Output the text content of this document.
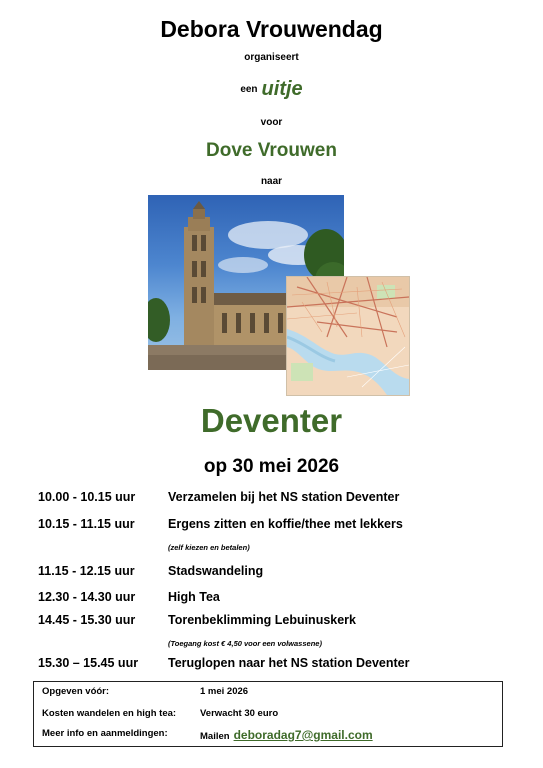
Debora Vrouwendag
organiseert
een uitje
voor
Dove Vrouwen
naar
Deventer
op 30 mei 2026
10.00 - 10.15 uur	Verzamelen bij het NS station Deventer
10.15 - 11.15 uur	Ergens zitten en koffie/thee met lekkers
(zelf kiezen en betalen)
11.15 - 12.15 uur	Stadswandeling
12.30 - 14.30 uur	High Tea
14.45 - 15.30 uur	Torenbeklimming Lebuinuskerk
(Toegang kost € 4,50 voor een volwassene)
15.30 – 15.45 uur Teruglopen naar het NS station Deventer
Opgeven vóór:	1 mei 2026
Kosten wandelen en high tea:	Verwacht 30 euro
Meer info en aanmeldingen:	Mailen deboradag7@gmail.com
